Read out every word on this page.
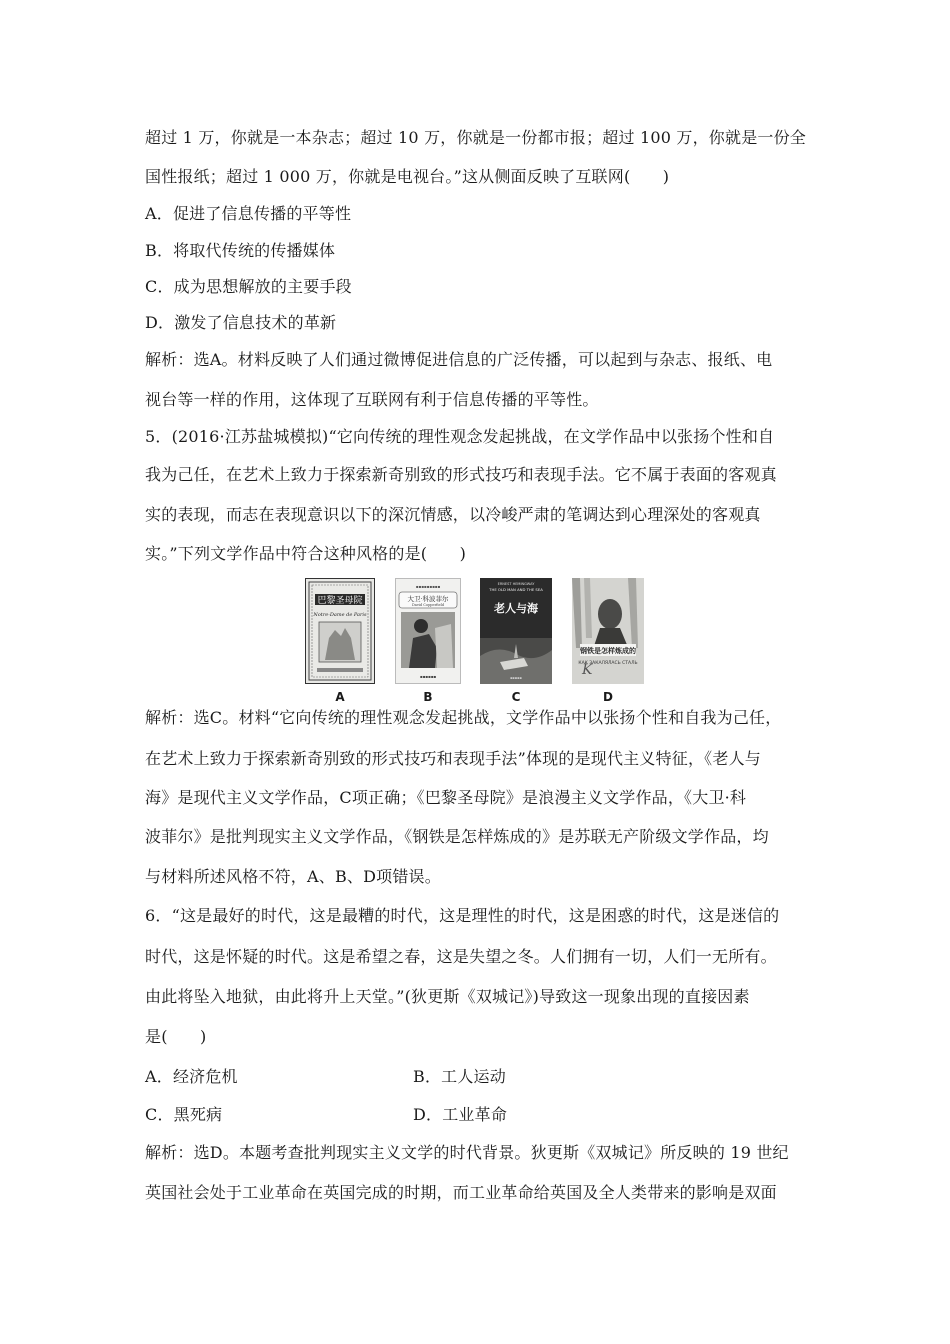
超过 1 万，你就是一本杂志；超过 10 万，你就是一份都市报；超过 100 万，你就是一份全
国性报纸；超过 1 000 万，你就是电视台。”这从侧面反映了互联网(　　)
A．促进了信息传播的平等性
B．将取代传统的传播媒体
C．成为思想解放的主要手段
D．激发了信息技术的革新
解析：选A。材料反映了人们通过微博促进信息的广泛传播，可以起到与杂志、报纸、电
视台等一样的作用，这体现了互联网有利于信息传播的平等性。
5．(2016·江苏盐城模拟)“它向传统的理性观念发起挑战，在文学作品中以张扬个性和自
我为己任，在艺术上致力于探索新奇别致的形式技巧和表现手法。它不属于表面的客观真
实的表现，而志在表现意识以下的深沉情感，以冷峻严肃的笔调达到心理深处的客观真
实。”下列文学作品中符合这种风格的是(　　)
巴黎圣母院
Notre-Dame de Paris
A
▪▪▪▪▪▪▪▪▪
大卫·科波菲尔
David Copperfield
▪▪▪▪▪▪
B
ERNEST HEMINGWAY
THE OLD MAN AND THE SEA
老人与海
▪▪▪▪▪
C
钢铁是怎样炼成的
КАК ЗАКАЛЯЛАСЬ СТАЛЬ
K
D
解析：选C。材料“它向传统的理性观念发起挑战，文学作品中以张扬个性和自我为己任，
在艺术上致力于探索新奇别致的形式技巧和表现手法”体现的是现代主义特征，《老人与
海》是现代主义文学作品，C项正确；《巴黎圣母院》是浪漫主义文学作品，《大卫·科
波菲尔》是批判现实主义文学作品，《钢铁是怎样炼成的》是苏联无产阶级文学作品，均
与材料所述风格不符，A、B、D项错误。
6．“这是最好的时代，这是最糟的时代，这是理性的时代，这是困惑的时代，这是迷信的
时代，这是怀疑的时代。这是希望之春，这是失望之冬。人们拥有一切，人们一无所有。
由此将坠入地狱，由此将升上天堂。”(狄更斯《双城记》)导致这一现象出现的直接因素
是(　　)
A．经济危机	B．工人运动
C．黑死病	D．工业革命
解析：选D。本题考查批判现实主义文学的时代背景。狄更斯《双城记》所反映的 19 世纪
英国社会处于工业革命在英国完成的时期，而工业革命给英国及全人类带来的影响是双面
